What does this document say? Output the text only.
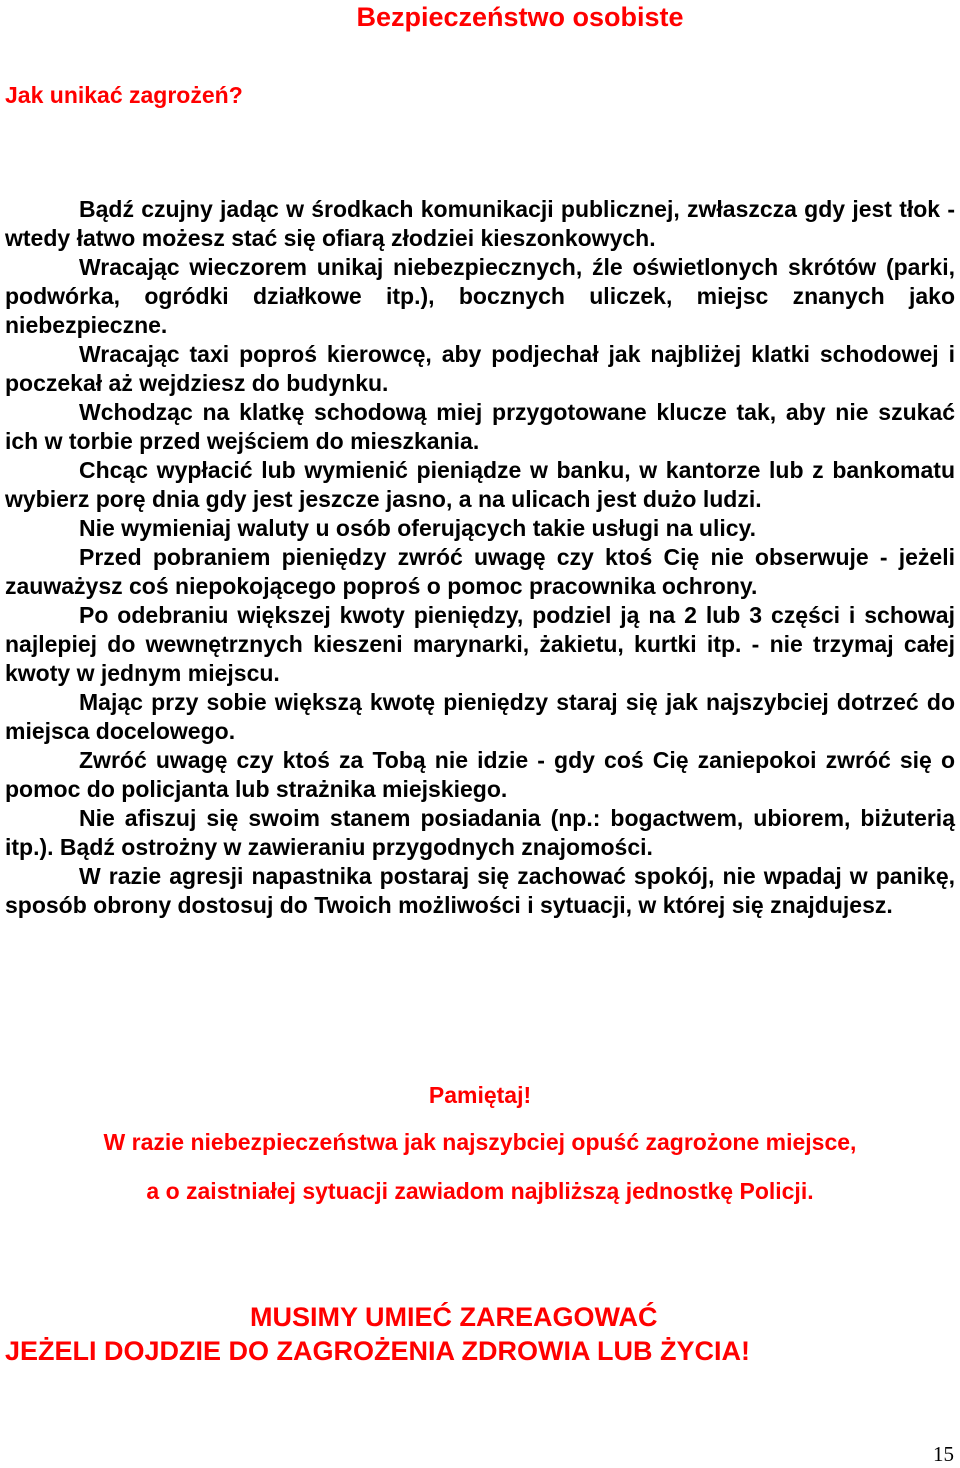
Bezpieczeństwo osobiste
Jak unikać zagrożeń?

Bądź czujny jadąc w środkach komunikacji publicznej, zwłaszcza gdy jest tłok - wtedy łatwo możesz stać się ofiarą złodziei kieszonkowych.

Wracając wieczorem unikaj niebezpiecznych, źle oświetlonych skrótów (parki, podwórka, ogródki działkowe itp.), bocznych uliczek, miejsc znanych jako niebezpieczne.

Wracając taxi poproś kierowcę, aby podjechał jak najbliżej klatki schodowej i poczekał aż wejdziesz do budynku.

Wchodząc na klatkę schodową miej przygotowane klucze tak, aby nie szukać ich w torbie przed wejściem do mieszkania.

Chcąc wypłacić lub wymienić pieniądze w banku, w kantorze lub z bankomatu wybierz porę dnia gdy jest jeszcze jasno, a na ulicach jest dużo ludzi.

Nie wymieniaj waluty u osób oferujących takie usługi na ulicy.

Przed pobraniem pieniędzy zwróć uwagę czy ktoś Cię nie obserwuje - jeżeli zauważysz coś niepokojącego poproś o pomoc pracownika ochrony.

Po odebraniu większej kwoty pieniędzy, podziel ją na 2 lub 3 części i schowaj najlepiej do wewnętrznych kieszeni marynarki, żakietu, kurtki itp. - nie trzymaj całej kwoty w jednym miejscu.

Mając przy sobie większą kwotę pieniędzy staraj się jak najszybciej dotrzeć do miejsca docelowego.

Zwróć uwagę czy ktoś za Tobą nie idzie - gdy coś Cię zaniepokoi zwróć się o pomoc do policjanta lub strażnika miejskiego.

Nie afiszuj się swoim stanem posiadania (np.: bogactwem, ubiorem, biżuterią itp.). Bądź ostrożny w zawieraniu przygodnych znajomości.

W razie agresji napastnika postaraj się zachować spokój, nie wpadaj w panikę, sposób obrony dostosuj do Twoich możliwości i sytuacji, w której się znajdujesz.

Pamiętaj!
W razie niebezpieczeństwa jak najszybciej opuść zagrożone miejsce,
a o zaistniałej sytuacji zawiadom najbliższą jednostkę Policji.
MUSIMY UMIEĆ ZAREAGOWAĆ
JEŻELI DOJDZIE DO ZAGROŻENIA ZDROWIA LUB ŻYCIA!
15
